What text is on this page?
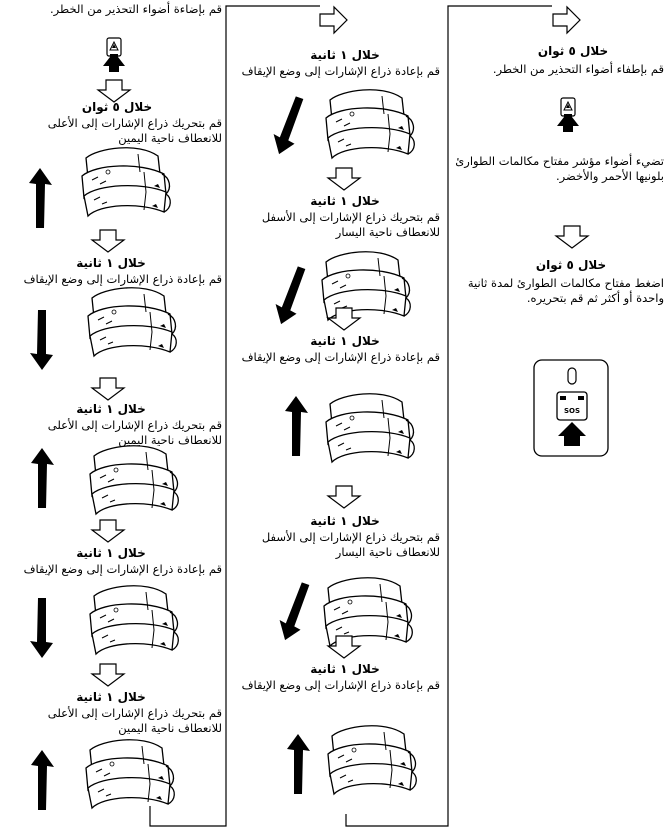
SOS

قم بإضاءة أضواء التحذير من الخطر.

خلال ٥ ثوان

قم بتحريك ذراع الإشارات إلى الأعلى للانعطاف ناحية اليمين

خلال ١ ثانية

قم بإعادة ذراع الإشارات إلى وضع الإيقاف

خلال ١ ثانية

قم بتحريك ذراع الإشارات إلى الأعلى للانعطاف ناحية اليمين

خلال ١ ثانية

قم بإعادة ذراع الإشارات إلى وضع الإيقاف

خلال ١ ثانية

قم بتحريك ذراع الإشارات إلى الأعلى للانعطاف ناحية اليمين

خلال ١ ثانية

قم بإعادة ذراع الإشارات إلى وضع الإيقاف

خلال ١ ثانية

قم بتحريك ذراع الإشارات إلى الأسفل للانعطاف ناحية اليسار

خلال ١ ثانية

قم بإعادة ذراع الإشارات إلى وضع الإيقاف

خلال ١ ثانية

قم بتحريك ذراع الإشارات إلى الأسفل للانعطاف ناحية اليسار

خلال ١ ثانية

قم بإعادة ذراع الإشارات إلى وضع الإيقاف

خلال ٥ ثوان

قم بإطفاء أضواء التحذير من الخطر.

تضيء أضواء مؤشر مفتاح مكالمات الطوارئ بلونيها الأحمر والأخضر.

خلال ٥ ثوان

اضغط مفتاح مكالمات الطوارئ لمدة ثانية واحدة أو أكثر ثم قم بتحريره.
